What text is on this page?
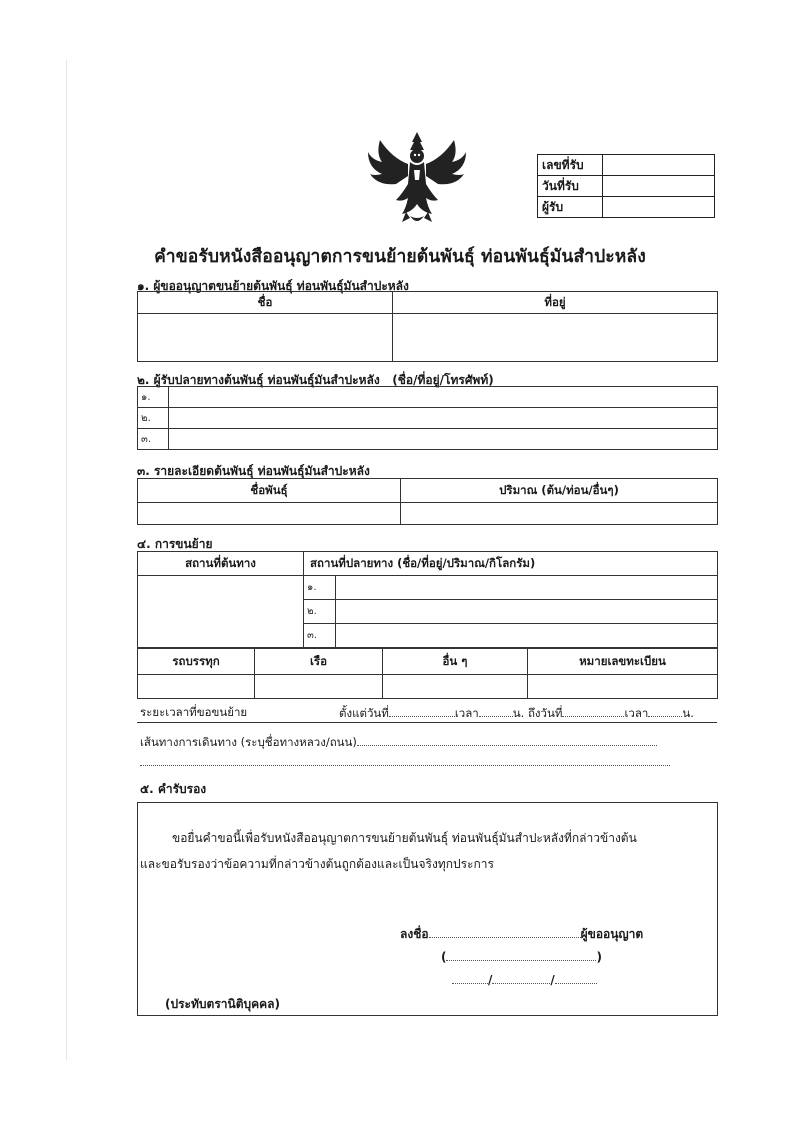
เลขที่รับ	
วันที่รับ	
ผู้รับ	
คำขอรับหนังสืออนุญาตการขนย้ายต้นพันธุ์ ท่อนพันธุ์มันสำปะหลัง
๑. ผู้ขออนุญาตขนย้ายต้นพันธุ์ ท่อนพันธุ์มันสำปะหลัง
ชื่อ	ที่อยู่

๒. ผู้รับปลายทางต้นพันธุ์ ท่อนพันธุ์มันสำปะหลัง (ชื่อ/ที่อยู่/โทรศัพท์)
๑.	
๒.	
๓.	
๓. รายละเอียดต้นพันธุ์ ท่อนพันธุ์มันสำปะหลัง
ชื่อพันธุ์	ปริมาณ (ต้น/ท่อน/อื่นๆ)

๔. การขนย้าย
สถานที่ต้นทาง	สถานที่ปลายทาง (ชื่อ/ที่อยู่/ปริมาณ/กิโลกรัม)	
	๑.	
	๒.	
	๓.	
รถบรรทุก	เรือ	อื่น ๆ	หมายเลขทะเบียน

ระยะเวลาที่ขอขนย้าย	ตั้งแต่วันที่	เวลา	น. ถึงวันที่	เวลา	น.
เส้นทางการเดินทาง (ระบุชื่อทางหลวง/ถนน)
๕. คำรับรอง
ขอยื่นคำขอนี้เพื่อรับหนังสืออนุญาตการขนย้ายต้นพันธุ์ ท่อนพันธุ์มันสำปะหลังที่กล่าวข้างต้น
และขอรับรองว่าข้อความที่กล่าวข้างต้นถูกต้องและเป็นจริงทุกประการ
ลงชื่อ	ผู้ขออนุญาต
(	)
/	/
(ประทับตรานิติบุคคล)
